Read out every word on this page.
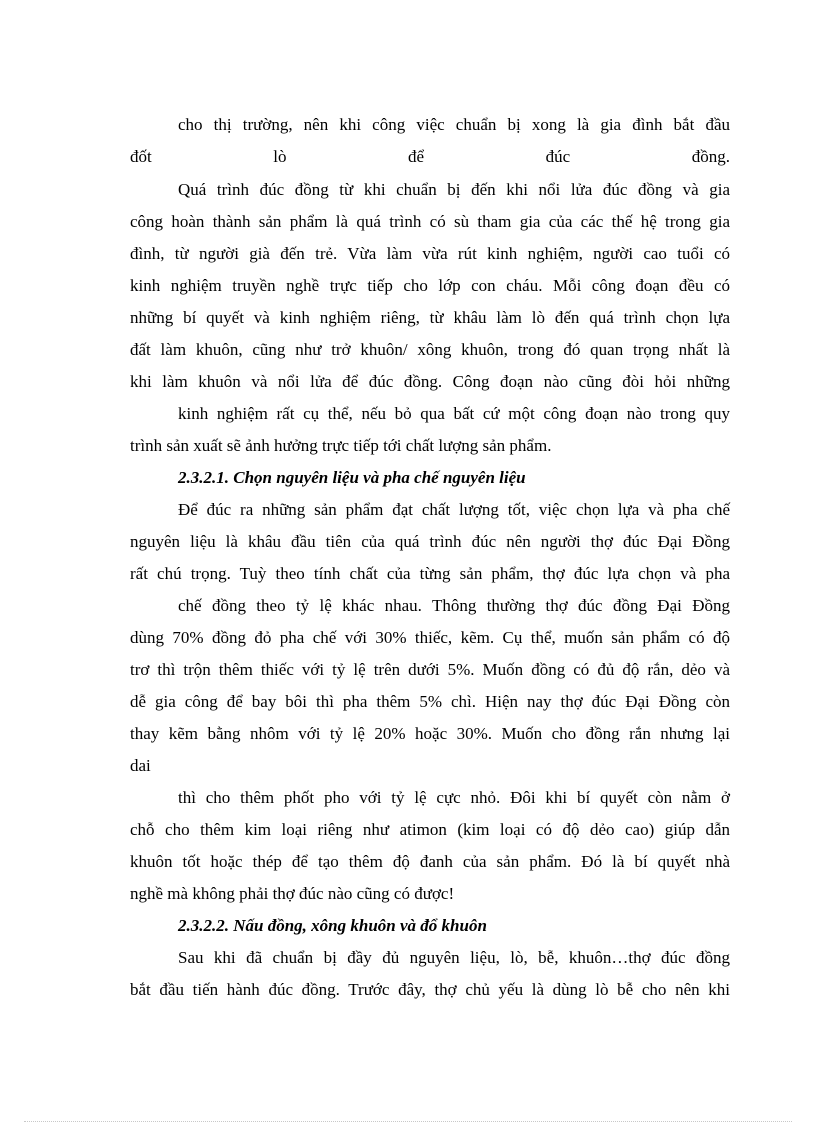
cho thị trường, nên khi công việc chuẩn bị xong là gia đình bắt đầu
đốt lò để đúc đồng.
Quá trình đúc đồng từ khi chuẩn bị đến khi nổi lửa đúc đồng và gia
công hoàn thành sản phẩm là quá trình có sù tham gia của các thế hệ trong gia
đình, từ người già đến trẻ. Vừa làm vừa rút kinh nghiệm, người cao tuổi có
kinh nghiệm truyền nghề trực tiếp cho lớp con cháu. Mỗi công đoạn đều có
những bí quyết và kinh nghiệm riêng, từ khâu làm lò đến quá trình chọn lựa
đất làm khuôn, cũng như trở khuôn/ xông khuôn, trong đó quan trọng nhất là
khi làm khuôn và nổi lửa để đúc đồng. Công đoạn nào cũng đòi hỏi những
kinh nghiệm rất cụ thể, nếu bỏ qua bất cứ một công đoạn nào trong quy
trình sản xuất sẽ ảnh hưởng trực tiếp tới chất lượng sản phẩm.
2.3.2.1. Chọn nguyên liệu và pha chế nguyên liệu
Để đúc ra những sản phẩm đạt chất lượng tốt, việc chọn lựa và pha chế
nguyên liệu là khâu đầu tiên của quá trình đúc nên người thợ đúc Đại Đồng
rất chú trọng. Tuỳ theo tính chất của từng sản phẩm, thợ đúc lựa chọn và pha
chế đồng theo tỷ lệ khác nhau. Thông thường thợ đúc đồng Đại Đồng
dùng 70% đồng đỏ pha chế với 30% thiếc, kẽm. Cụ thể, muốn sản phẩm có độ
trơ thì trộn thêm thiếc với tỷ lệ trên dưới 5%. Muốn đồng có đủ độ rắn, dẻo và
dễ gia công để bay bôi thì pha thêm 5% chì. Hiện nay thợ đúc Đại Đồng còn
thay kẽm bằng nhôm với tỷ lệ 20% hoặc 30%. Muốn cho đồng rắn nhưng lại
dai
thì cho thêm phốt pho với tỷ lệ cực nhỏ. Đôi khi bí quyết còn nằm ở
chỗ cho thêm kim loại riêng như atimon (kim loại có độ dẻo cao) giúp dẫn
khuôn tốt hoặc thép để tạo thêm độ đanh của sản phẩm. Đó là bí quyết nhà
nghề mà không phải thợ đúc nào cũng có được!
2.3.2.2. Nấu đồng, xông khuôn và đổ khuôn
Sau khi đã chuẩn bị đầy đủ nguyên liệu, lò, bễ, khuôn…thợ đúc đồng
bắt đầu tiến hành đúc đồng. Trước đây, thợ chủ yếu là dùng lò bễ cho nên khi
